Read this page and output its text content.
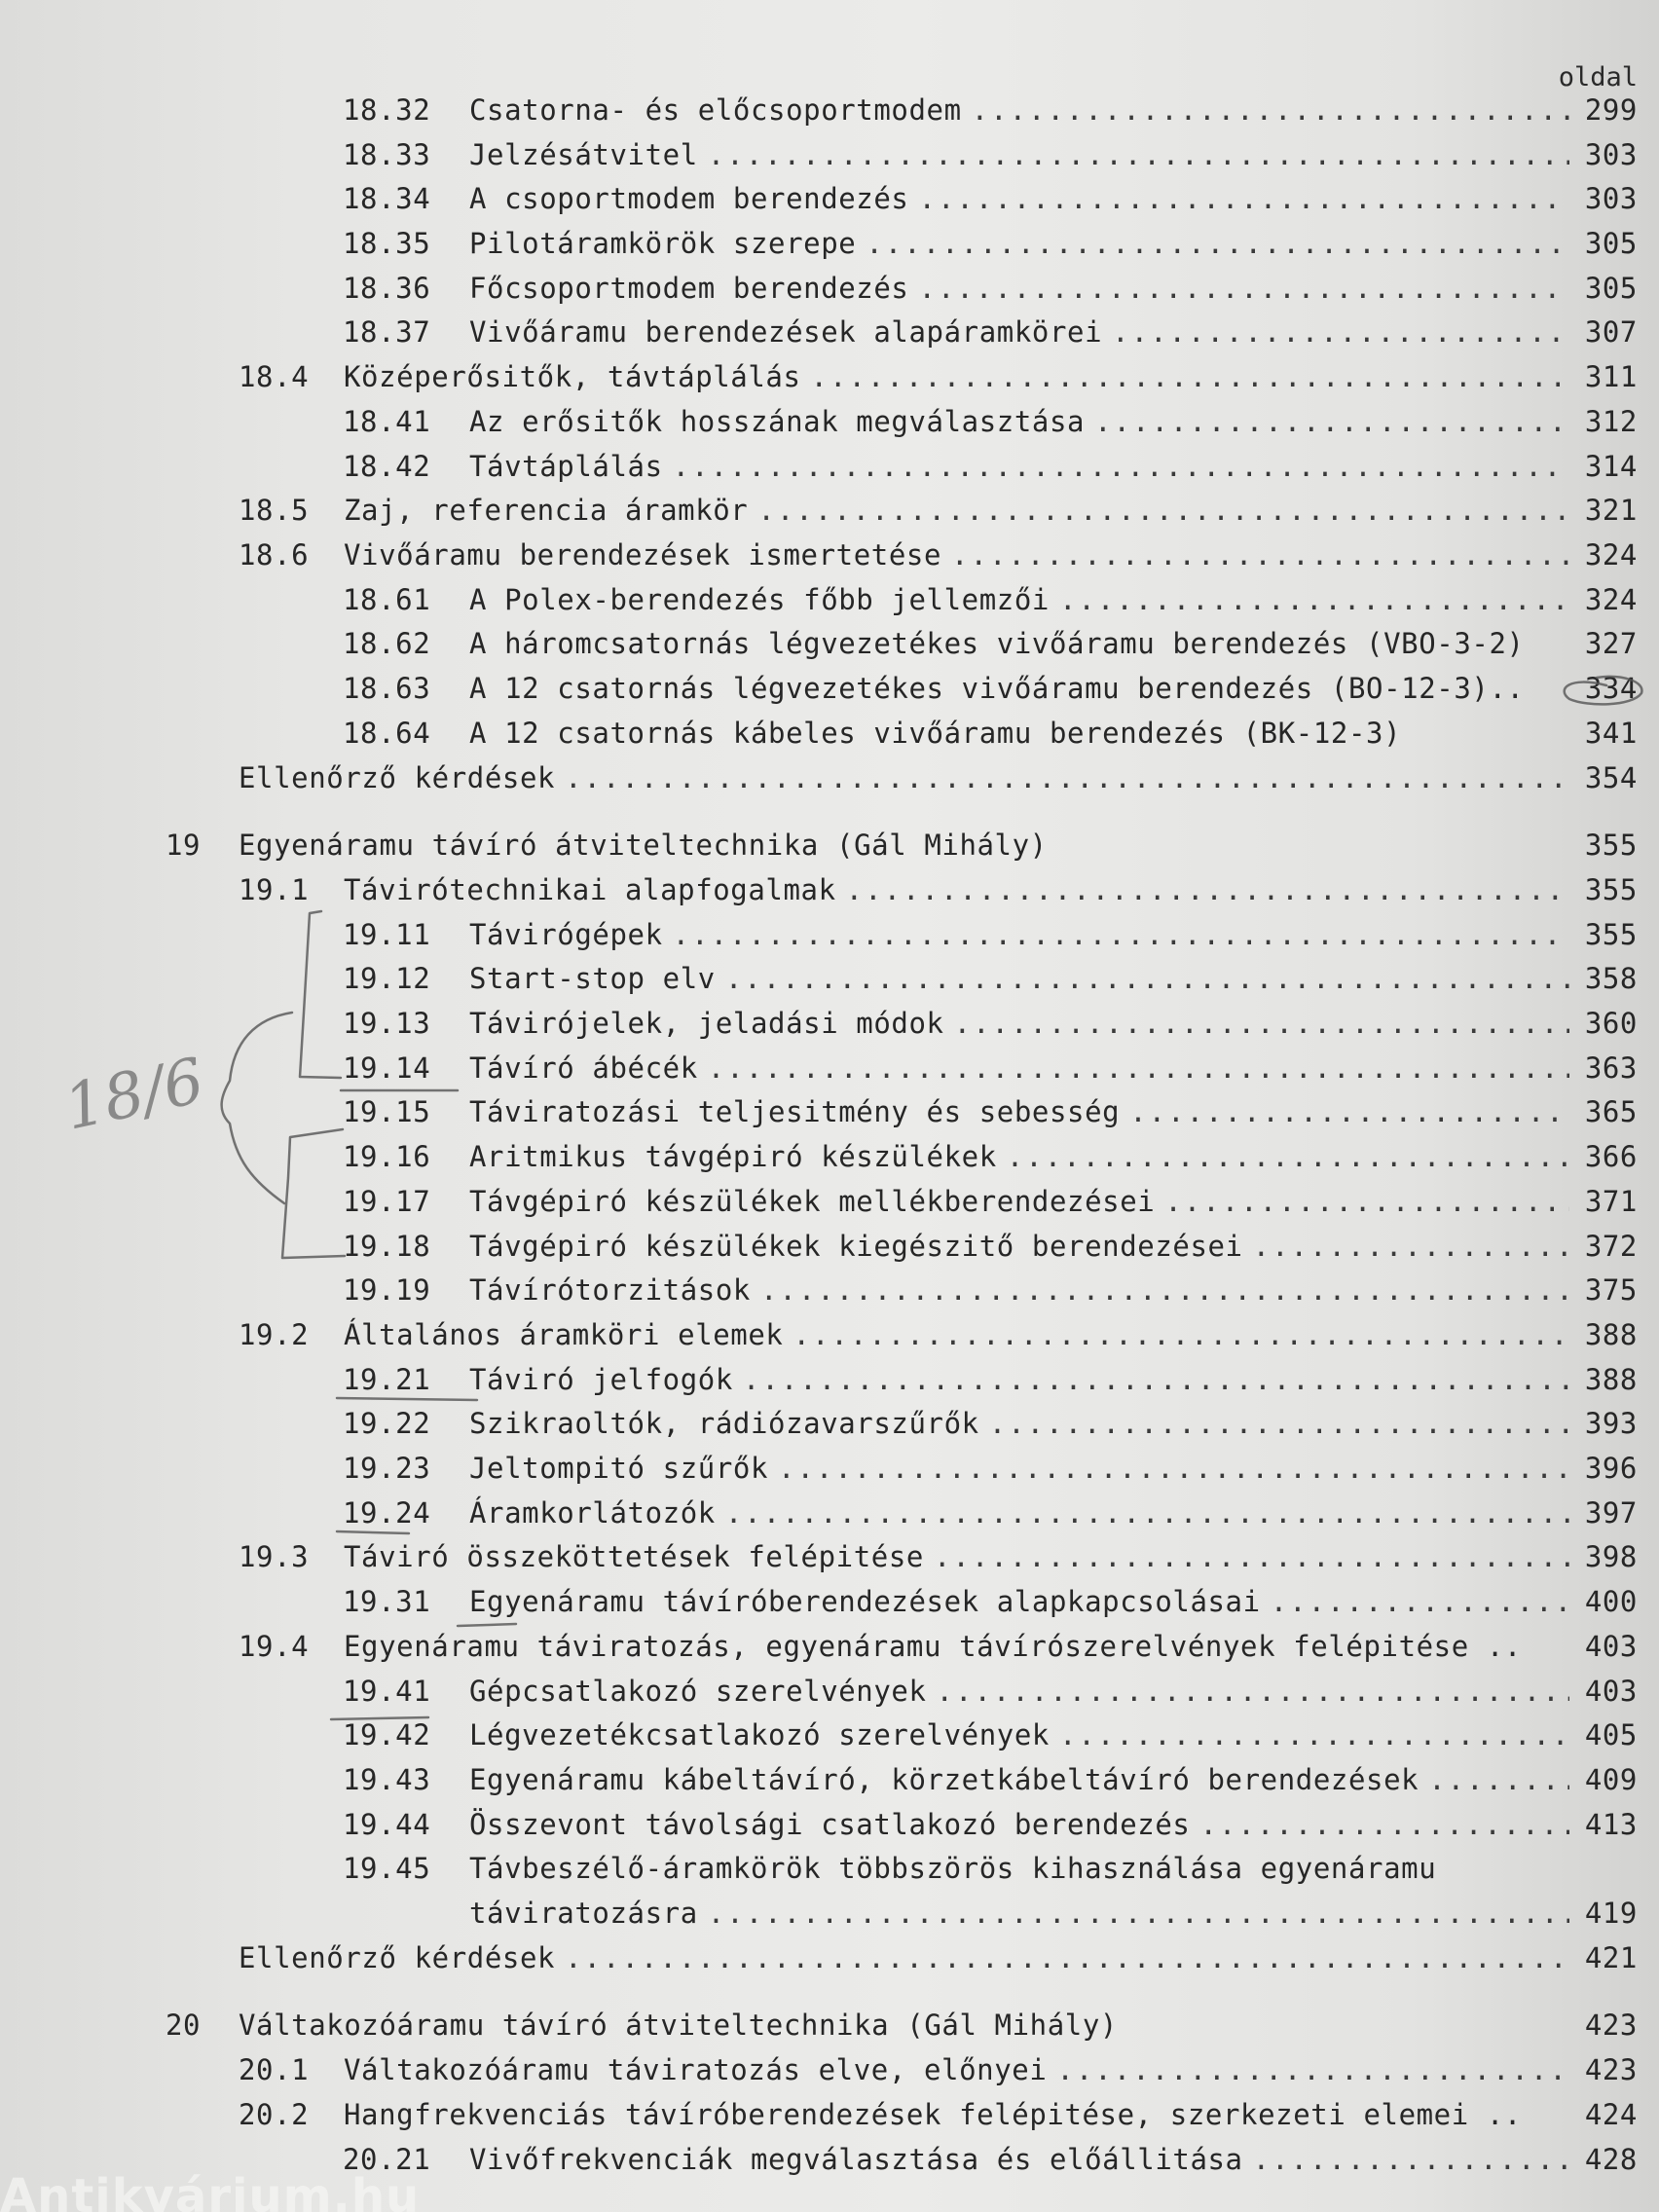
oldal
18.32	Csatorna- és előcsoportmodem .....	299
18.33	Jelzésátvitel .....	303
18.34	A csoportmodem berendezés .....	303
18.35	Pilotáramkörök szerepe .....	305
18.36	Főcsoportmodem berendezés .....	305
18.37	Vivőáramu berendezések alapáramkörei .....	307
18.4	Középerősitők, távtáplálás .....	311
18.41	Az erősitők hosszának megválasztása .....	312
18.42	Távtáplálás .....	314
18.5	Zaj, referencia áramkör .....	321
18.6	Vivőáramu berendezések ismertetése .....	324
18.61	A Polex-berendezés főbb jellemzői .....	324
18.62	A háromcsatornás légvezetékes vivőáramu berendezés (VBO-3-2) 327
18.63	A 12 csatornás légvezetékes vivőáramu berendezés (BO-12-3).. 334
18.64	A 12 csatornás kábeles vivőáramu berendezés (BK-12-3)	341
Ellenőrző kérdések .....	354
19	Egyenáramu távíró átviteltechnika (Gál Mihály)	355
19.1	Távirótechnikai alapfogalmak .....	355
19.11	Távirógépek .....	355
19.12	Start-stop elv .....	358
19.13	Távirójelek, jeladási módok .....	360
19.14	Távíró ábécék .....	363
19.15	Táviratozási teljesitmény és sebesség .....	365
19.16	Aritmikus távgépiró készülékek .....	366
19.17	Távgépiró készülékek mellékberendezései .....	371
19.18	Távgépiró készülékek kiegészitő berendezései .....	372
19.19	Távírótorzitások .....	375
19.2	Általános áramköri elemek .....	388
19.21	Táviró jelfogók .....	388
19.22	Szikraoltók, rádiózavarszűrők .....	393
19.23	Jeltompitó szűrők .....	396
19.24	Áramkorlátozók .....	397
19.3	Táviró összeköttetések felépitése .....	398
19.31	Egyenáramu távíróberendezések alapkapcsolásai .....	400
19.4	Egyenáramu táviratozás, egyenáramu távírószerelvények felépitése .. 403
19.41	Gépcsatlakozó szerelvények .....	403
19.42	Légvezetékcsatlakozó szerelvények .....	405
19.43	Egyenáramu kábeltávíró, körzetkábeltávíró berendezések .....	409
19.44	Összevont távolsági csatlakozó berendezés .....	413
19.45	Távbeszélő-áramkörök többszörös kihasználása egyenáramu
táviratozásra .....	419
Ellenőrző kérdések .....	421
20	Váltakozóáramu távíró átviteltechnika (Gál Mihály)	423
20.1	Váltakozóáramu táviratozás elve, előnyei .....	423
20.2	Hangfrekvenciás távíróberendezések felépitése, szerkezeti elemei .. 424
20.21	Vivőfrekvenciák megválasztása és előállitása .....	428
18/6
Antikvárium.hu
